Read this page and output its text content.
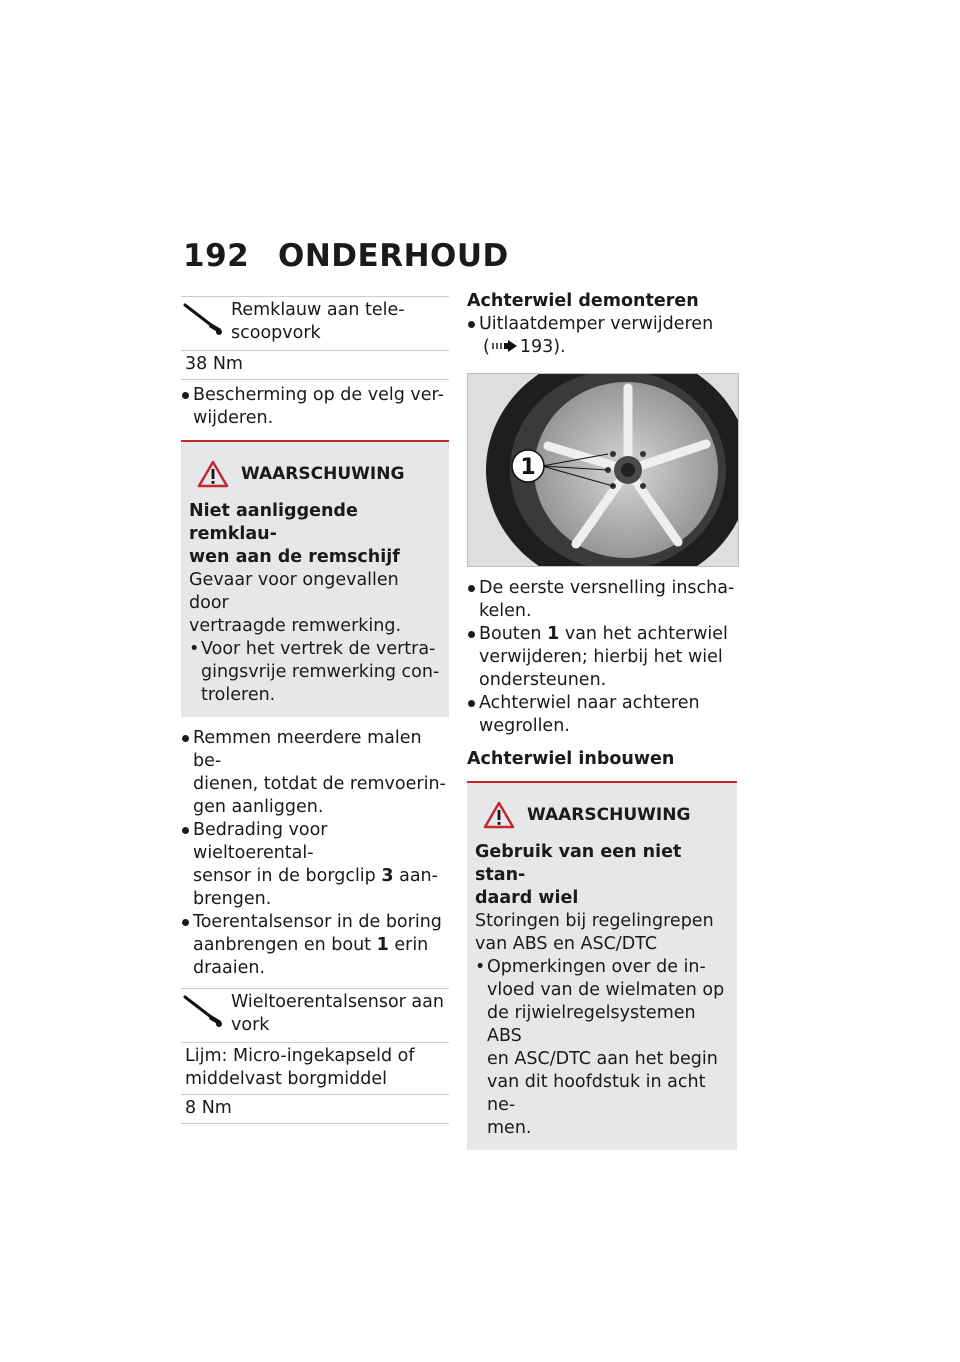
192 ONDERHOUD
Remklauw aan tele-
scoopvork
38 Nm
Bescherming op de velg ver-
wijderen.
WAARSCHUWING
Niet aanliggende remklau-
wen aan de remschijf
Gevaar voor ongevallen door
vertraagde remwerking.
• Voor het vertrek de vertra-
gingsvrije remwerking con-
troleren.
Remmen meerdere malen be-
dienen, totdat de remvoerin-
gen aanliggen.
Bedrading voor wieltoerental-
sensor in de borgclip 3 aan-
brengen.
Toerentalsensor in de boring
aanbrengen en bout 1 erin
draaien.
Wieltoerentalsensor aan
vork
Lijm: Micro-ingekapseld of
middelvast borgmiddel
8 Nm
Achterwiel demonteren
Uitlaatdemper verwijderen
( 193).
1
De eerste versnelling inscha-
kelen.
Bouten 1 van het achterwiel
verwijderen; hierbij het wiel
ondersteunen.
Achterwiel naar achteren
wegrollen.
Achterwiel inbouwen
WAARSCHUWING
Gebruik van een niet stan-
daard wiel
Storingen bij regelingrepen
van ABS en ASC/DTC
• Opmerkingen over de in-
vloed van de wielmaten op
de rijwielregelsystemen ABS
en ASC/DTC aan het begin
van dit hoofdstuk in acht ne-
men.
